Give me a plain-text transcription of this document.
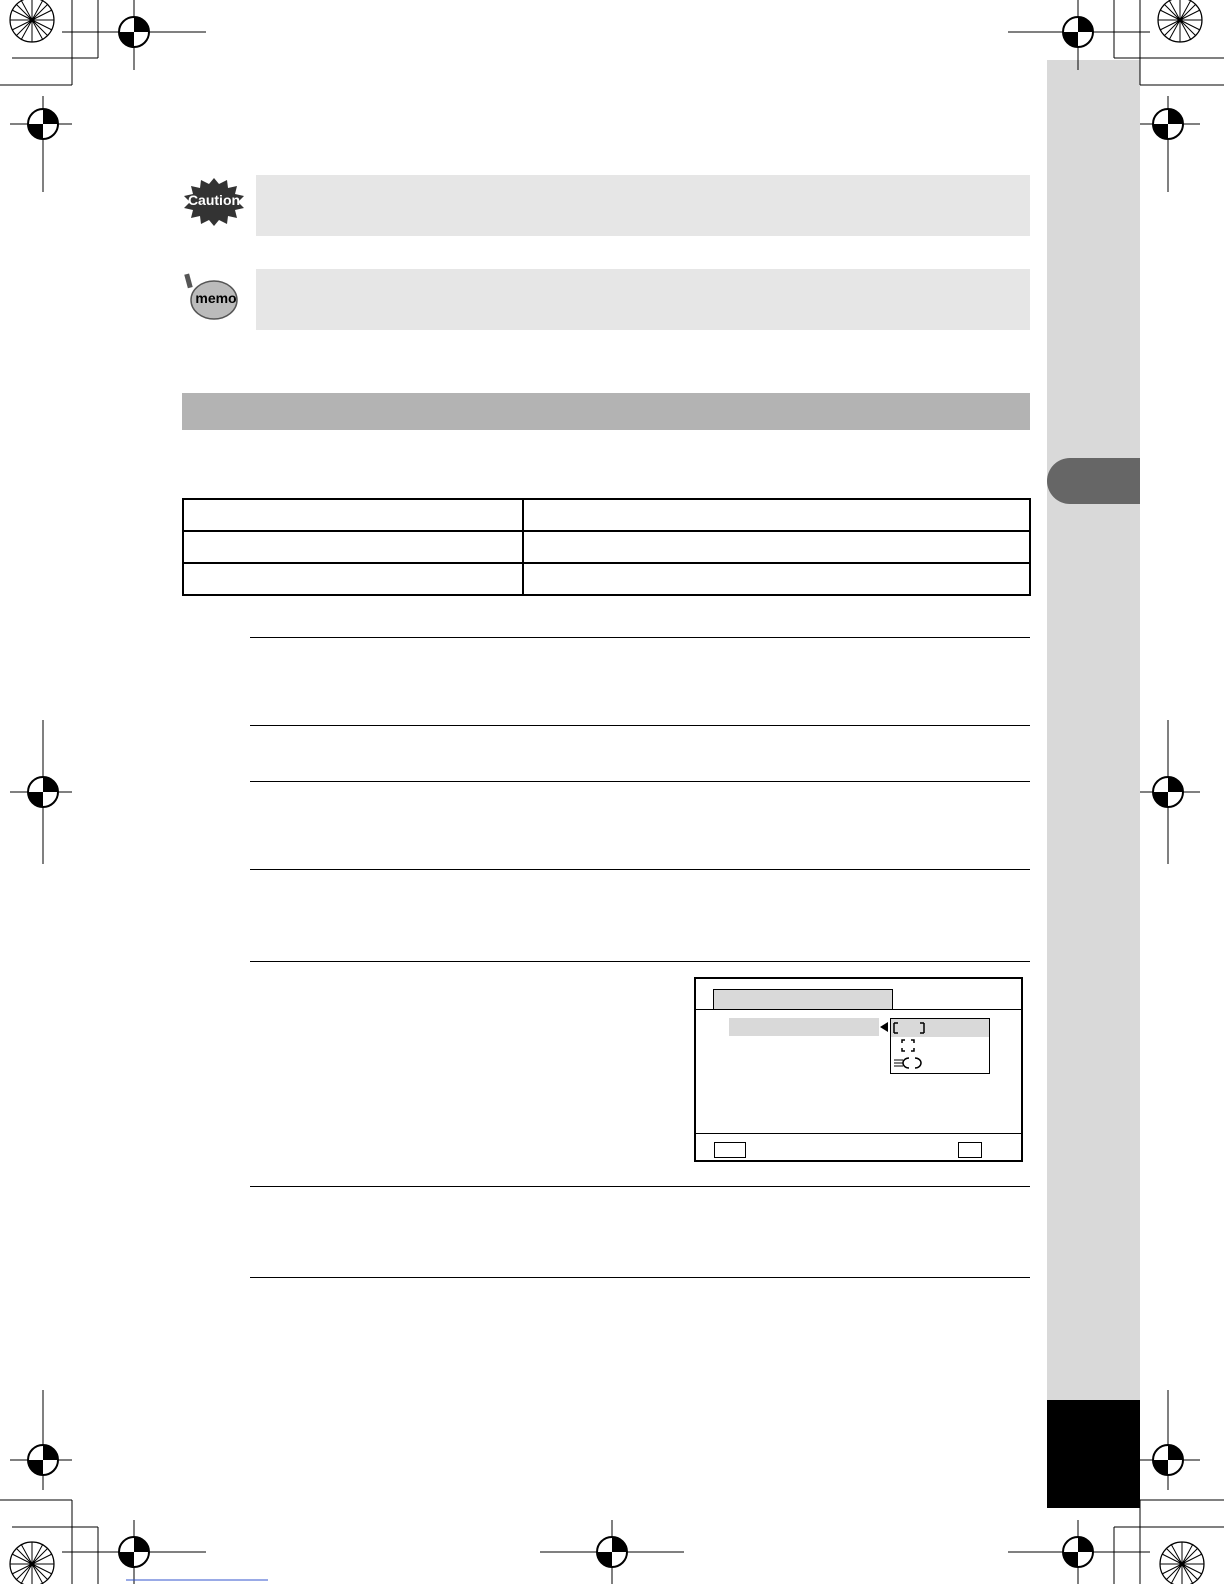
Caution
memo
